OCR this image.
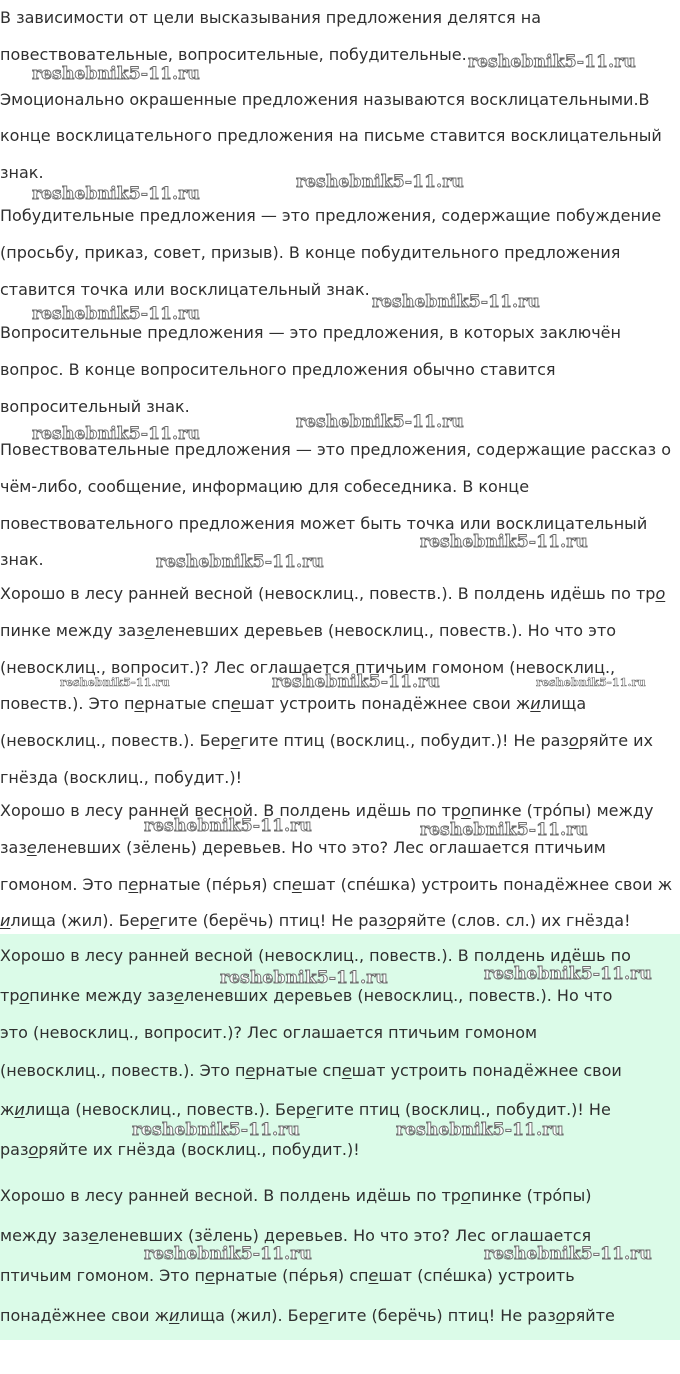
В зависимости от цели высказывания предложения делятся на

повествовательные, вопросительные, побудительные.

Эмоционально окрашенные предложения называются восклицательными.В

конце восклицательного предложения на письме ставится восклицательный

знак.

Побудительные предложения — это предложения, содержащие побуждение

(просьбу, приказ, совет, призыв). В конце побудительного предложения

ставится точка или восклицательный знак.

Вопросительные предложения — это предложения, в которых заключён

вопрос. В конце вопросительного предложения обычно ставится

вопросительный знак.

Повествовательные предложения — это предложения, содержащие рассказ о

чём-либо, сообщение, информацию для собеседника. В конце

повествовательного предложения может быть точка или восклицательный

знак.

Хорошо в лесу ранней весной (невосклиц., повеств.). В полдень идёшь по тро

пинке между зазеленевших деревьев (невосклиц., повеств.). Но что это

(невосклиц., вопросит.)? Лес оглашается птичьим гомоном (невосклиц.,

повеств.). Это пернатые спешат устроить понадёжнее свои жилища

(невосклиц., повеств.). Берегите птиц (восклиц., побудит.)! Не разоряйте их

гнёзда (восклиц., побудит.)!

Хорошо в лесу ранней весной. В полдень идёшь по тропинке (тро́пы) между

зазеленевших (зёлень) деревьев. Но что это? Лес оглашается птичьим

гомоном. Это пернатые (пе́рья) спешат (спе́шка) устроить понадёжнее свои ж

илища (жил). Берегите (берёчь) птиц! Не разоряйте (слов. сл.) их гнёзда!

Хорошо в лесу ранней весной (невосклиц., повеств.). В полдень идёшь по

тропинке между зазеленевших деревьев (невосклиц., повеств.). Но что

это (невосклиц., вопросит.)? Лес оглашается птичьим гомоном

(невосклиц., повеств.). Это пернатые спешат устроить понадёжнее свои

жилища (невосклиц., повеств.). Берегите птиц (восклиц., побудит.)! Не

разоряйте их гнёзда (восклиц., побудит.)!

Хорошо в лесу ранней весной. В полдень идёшь по тропинке (тро́пы)

между зазеленевших (зёлень) деревьев. Но что это? Лес оглашается

птичьим гомоном. Это пернатые (пе́рья) спешат (спе́шка) устроить

понадёжнее свои жилища (жил). Берегите (берёчь) птиц! Не разоряйте

reshebnik5-11.ru

reshebnik5-11.ru

reshebnik5-11.ru

reshebnik5-11.ru

reshebnik5-11.ru

reshebnik5-11.ru

reshebnik5-11.ru

reshebnik5-11.ru

reshebnik5-11.ru

reshebnik5-11.ru

reshebnik5-11.ru	reshebnik5-11.ru	reshebnik5-11.ru

reshebnik5-11.ru	reshebnik5-11.ru

reshebnik5-11.ru	reshebnik5-11.ru

reshebnik5-11.ru	reshebnik5-11.ru

reshebnik5-11.ru	reshebnik5-11.ru
